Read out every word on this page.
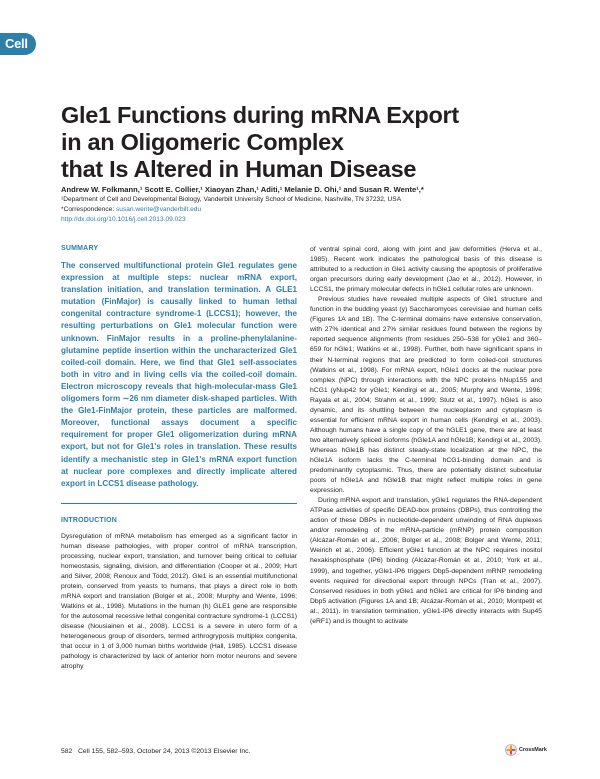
Cell
Gle1 Functions during mRNA Export
in an Oligomeric Complex
that Is Altered in Human Disease
Andrew W. Folkmann,¹ Scott E. Collier,¹ Xiaoyan Zhan,¹ Aditi,¹ Melanie D. Ohi,¹ and Susan R. Wente¹,*
¹Department of Cell and Developmental Biology, Vanderbilt University School of Medicine, Nashville, TN 37232, USA
*Correspondence: susan.wente@vanderbilt.edu
http://dx.doi.org/10.1016/j.cell.2013.09.023
SUMMARY

The conserved multifunctional protein Gle1 regulates gene expression at multiple steps: nuclear mRNA export, translation initiation, and translation termination. A GLE1 mutation (FinMajor) is causally linked to human lethal congenital contracture syndrome-1 (LCCS1); however, the resulting perturbations on Gle1 molecular function were unknown. FinMajor results in a proline-phenylalanine-glutamine peptide insertion within the uncharacterized Gle1 coiled-coil domain. Here, we find that Gle1 self-associates both in vitro and in living cells via the coiled-coil domain. Electron microscopy reveals that high-molecular-mass Gle1 oligomers form ∼26 nm diameter disk-shaped particles. With the Gle1-FinMajor protein, these particles are malformed. Moreover, functional assays document a specific requirement for proper Gle1 oligomerization during mRNA export, but not for Gle1's roles in translation. These results identify a mechanistic step in Gle1's mRNA export function at nuclear pore complexes and directly implicate altered export in LCCS1 disease pathology.

INTRODUCTION

Dysregulation of mRNA metabolism has emerged as a significant factor in human disease pathologies, with proper control of mRNA transcription, processing, nuclear export, translation, and turnover being critical to cellular homeostasis, signaling, division, and differentiation (Cooper et al., 2009; Hurt and Silver, 2008; Renoux and Todd, 2012). Gle1 is an essential multifunctional protein, conserved from yeasts to humans, that plays a direct role in both mRNA export and translation (Bolger et al., 2008; Murphy and Wente, 1996; Watkins et al., 1998). Mutations in the human (h) GLE1 gene are responsible for the autosomal recessive lethal congenital contracture syndrome-1 (LCCS1) disease (Nousiainen et al., 2008). LCCS1 is a severe in utero form of a heterogeneous group of disorders, termed arthrogryposis multiplex congenita, that occur in 1 of 3,000 human births worldwide (Hall, 1985). LCCS1 disease pathology is characterized by lack of anterior horn motor neurons and severe atrophy

of ventral spinal cord, along with joint and jaw deformities (Herva et al., 1985). Recent work indicates the pathological basis of this disease is attributed to a reduction in Gle1 activity causing the apoptosis of proliferative organ precursors during early development (Jao et al., 2012). However, in LCCS1, the primary molecular defects in hGle1 cellular roles are unknown.

Previous studies have revealed multiple aspects of Gle1 structure and function in the budding yeast (y) Saccharomyces cerevisiae and human cells (Figures 1A and 1B). The C-terminal domains have extensive conservation, with 27% identical and 27% similar residues found between the regions by reported sequence alignments (from residues 250–538 for yGle1 and 360–659 for hGle1; Watkins et al., 1998). Further, both have significant spans in their N-terminal regions that are predicted to form coiled-coil structures (Watkins et al., 1998). For mRNA export, hGle1 docks at the nuclear pore complex (NPC) through interactions with the NPC proteins hNup155 and hCG1 (yNup42 for yGle1; Kendirgi et al., 2005; Murphy and Wente, 1996; Rayala et al., 2004; Strahm et al., 1999; Stutz et al., 1997). hGle1 is also dynamic, and its shuttling between the nucleoplasm and cytoplasm is essential for efficient mRNA export in human cells (Kendirgi et al., 2003). Although humans have a single copy of the hGLE1 gene, there are at least two alternatively spliced isoforms (hGle1A and hGle1B; Kendirgi et al., 2003). Whereas hGle1B has distinct steady-state localization at the NPC, the hGle1A isoform lacks the C-terminal hCG1-binding domain and is predominantly cytoplasmic. Thus, there are potentially distinct subcellular pools of hGle1A and hGle1B that might reflect multiple roles in gene expression.

During mRNA export and translation, yGle1 regulates the RNA-dependent ATPase activities of specific DEAD-box proteins (DBPs), thus controlling the action of these DBPs in nucleotide-dependent unwinding of RNA duplexes and/or remodeling of the mRNA-particle (mRNP) protein composition (Alcázar-Román et al., 2006; Bolger et al., 2008; Bolger and Wente, 2011; Weirich et al., 2006). Efficient yGle1 function at the NPC requires inositol hexakisphosphate (IP6) binding (Alcázar-Román et al., 2010; York et al., 1999), and together, yGle1-IP6 triggers Dbp5-dependent mRNP remodeling events required for directional export through NPCs (Tran et al., 2007). Conserved residues in both yGle1 and hGle1 are critical for IP6 binding and Dbp5 activation (Figures 1A and 1B; Alcázar-Román et al., 2010; Montpetit et al., 2011). In translation termination, yGle1-IP6 directly interacts with Sup45 (eRF1) and is thought to activate

582 Cell 155, 582–593, October 24, 2013 ©2013 Elsevier Inc.	CrossMark
